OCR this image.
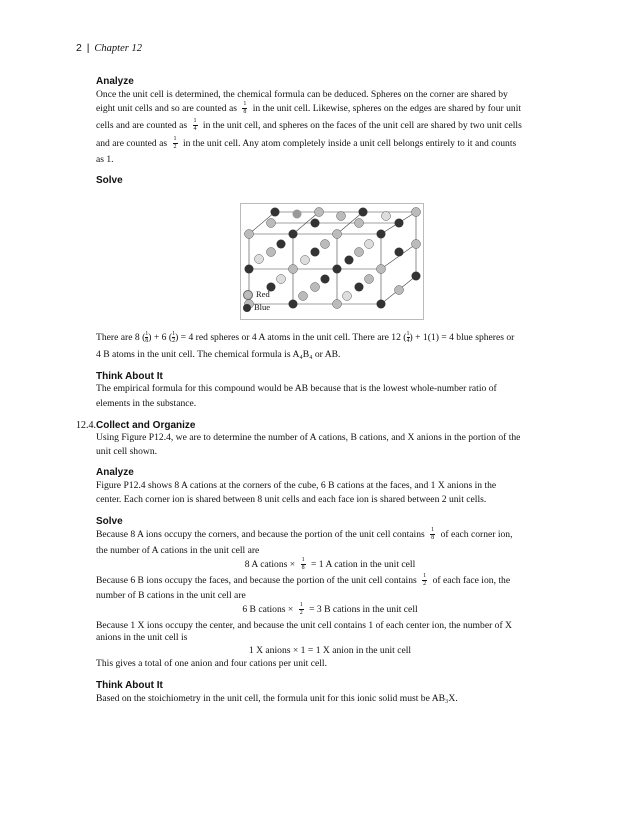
2 | Chapter 12
Analyze
Once the unit cell is determined, the chemical formula can be deduced. Spheres on the corner are shared by
eight unit cells and so are counted as $\frac{1}{8}$ in the unit cell. Likewise, spheres on the edges are shared by four unit
cells and are counted as $\frac{1}{4}$ in the unit cell, and spheres on the faces of the unit cell are shared by two unit cells
and are counted as $\frac{1}{2}$ in the unit cell. Any atom completely inside a unit cell belongs entirely to it and counts
as 1.
Solve
Red
Blue
There are 8 ( $\frac{1}{8}$ ) + 6 ( $\frac{1}{2}$ ) = 4 red spheres or 4 A atoms in the unit cell. There are 12 ( $\frac{1}{4}$ ) + 1(1) = 4 blue spheres or
4 B atoms in the unit cell. The chemical formula is A₄B₄ or AB.
Think About It
The empirical formula for this compound would be AB because that is the lowest whole-number ratio of
elements in the substance.
12.4. Collect and Organize
Using Figure P12.4, we are to determine the number of A cations, B cations, and X anions in the portion of the
unit cell shown.
Analyze
Figure P12.4 shows 8 A cations at the corners of the cube, 6 B cations at the faces, and 1 X anions in the
center. Each corner ion is shared between 8 unit cells and each face ion is shared between 2 unit cells.
Solve
Because 8 A ions occupy the corners, and because the portion of the unit cell contains $\frac{1}{8}$ of each corner ion,
the number of A cations in the unit cell are
8 A cations × $\frac{1}{8} = 1$ A cation in the unit cell
Because 6 B ions occupy the faces, and because the portion of the unit cell contains $\frac{1}{2}$ of each face ion, the
number of B cations in the unit cell are
6 B cations × $\frac{1}{2} = 3$ B cations in the unit cell
Because 1 X ions occupy the center, and because the unit cell contains 1 of each center ion, the number of X
anions in the unit cell is
1 X anions × 1 = 1 X anion in the unit cell
This gives a total of one anion and four cations per unit cell.
Think About It
Based on the stoichiometry in the unit cell, the formula unit for this ionic solid must be AB₃X.
